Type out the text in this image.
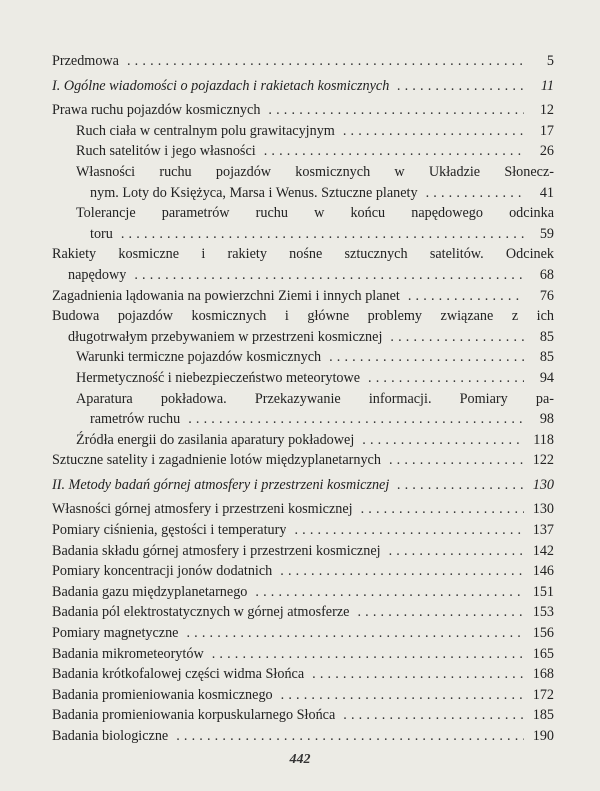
Przedmowa . . .	5
I. Ogólne wiadomości o pojazdach i rakietach kosmicznych . . .	11
Prawa ruchu pojazdów kosmicznych . . .	12
Ruch ciała w centralnym polu grawitacyjnym . . .	17
Ruch satelitów i jego własności . . .	26
Własności ruchu pojazdów kosmicznych w Układzie Słonecz-
nym. Loty do Księżyca, Marsa i Wenus. Sztuczne planety . . .	41
Tolerancje parametrów ruchu w końcu napędowego odcinka
toru . . .	59
Rakiety kosmiczne i rakiety nośne sztucznych satelitów. Odcinek
napędowy . . .	68
Zagadnienia lądowania na powierzchni Ziemi i innych planet . . .	76
Budowa pojazdów kosmicznych i główne problemy związane z ich
długotrwałym przebywaniem w przestrzeni kosmicznej . . .	85
Warunki termiczne pojazdów kosmicznych . . .	85
Hermetyczność i niebezpieczeństwo meteorytowe . . .	94
Aparatura pokładowa. Przekazywanie informacji. Pomiary pa-
rametrów ruchu . . .	98
Źródła energii do zasilania aparatury pokładowej . . .	118
Sztuczne satelity i zagadnienie lotów międzyplanetarnych . . .	122
II. Metody badań górnej atmosfery i przestrzeni kosmicznej . . .	130
Własności górnej atmosfery i przestrzeni kosmicznej . . .	130
Pomiary ciśnienia, gęstości i temperatury . . .	137
Badania składu górnej atmosfery i przestrzeni kosmicznej . . .	142
Pomiary koncentracji jonów dodatnich . . .	146
Badania gazu międzyplanetarnego . . .	151
Badania pól elektrostatycznych w górnej atmosferze . . .	153
Pomiary magnetyczne . . .	156
Badania mikrometeorytów . . .	165
Badania krótkofalowej części widma Słońca . . .	168
Badania promieniowania kosmicznego . . .	172
Badania promieniowania korpuskularnego Słońca . . .	185
Badania biologiczne . . .	190
442
